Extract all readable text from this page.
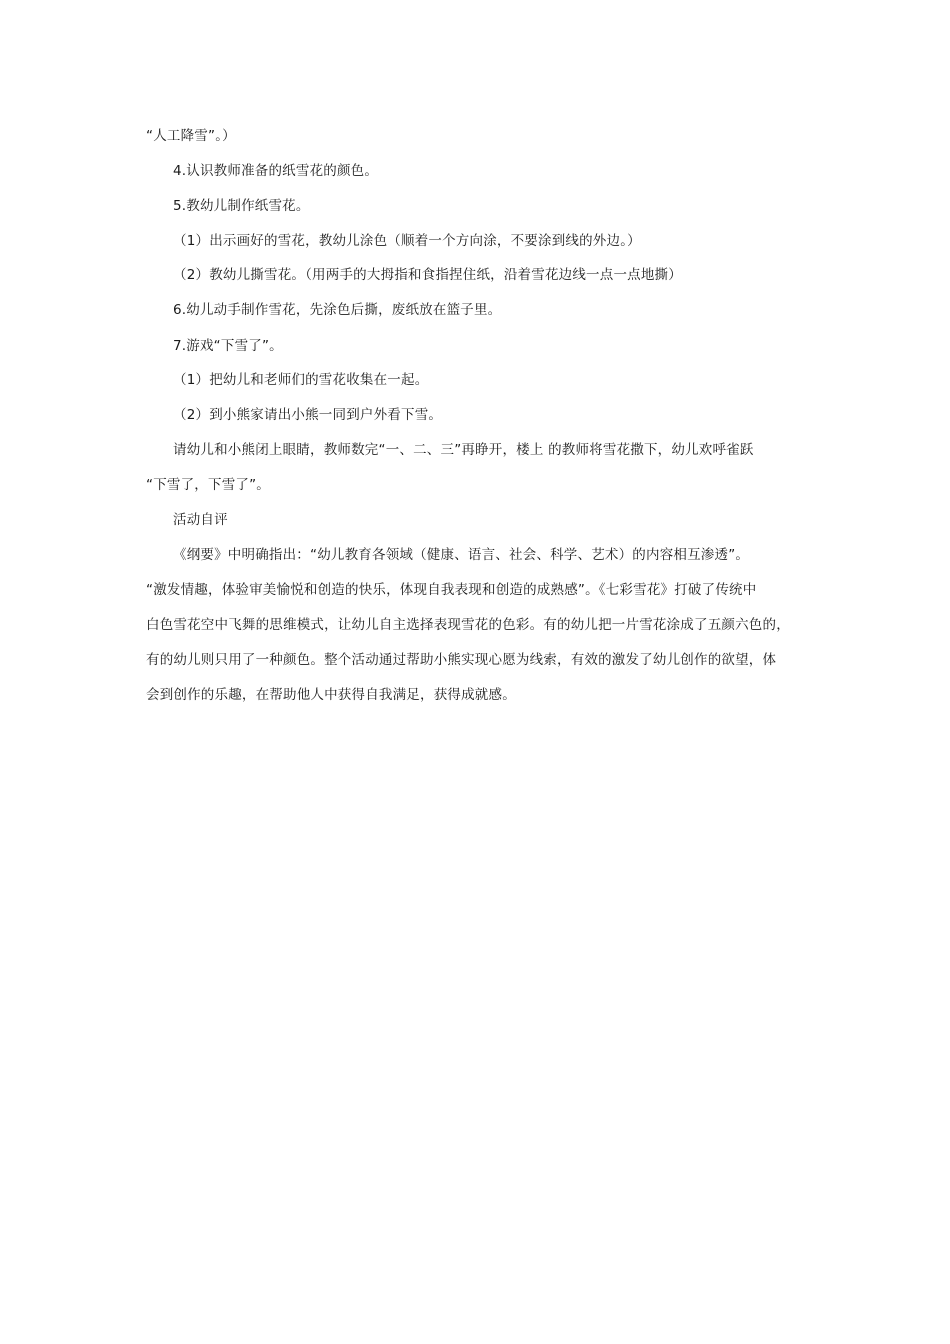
“人工降雪”。）
4.认识教师准备的纸雪花的颜色。
5.教幼儿制作纸雪花。
（1）出示画好的雪花，教幼儿涂色（顺着一个方向涂，不要涂到线的外边。）
（2）教幼儿撕雪花。（用两手的大拇指和食指捏住纸，沿着雪花边线一点一点地撕）
6.幼儿动手制作雪花，先涂色后撕，废纸放在篮子里。
7.游戏“下雪了”。
（1）把幼儿和老师们的雪花收集在一起。
（2）到小熊家请出小熊一同到户外看下雪。
请幼儿和小熊闭上眼睛，教师数完“一、二、三”再睁开，楼上 的教师将雪花撒下，幼儿欢呼雀跃
“下雪了，下雪了”。
活动自评
《纲要》中明确指出：“幼儿教育各领域（健康、语言、社会、科学、艺术）的内容相互渗透”。
“激发情趣，体验审美愉悦和创造的快乐，体现自我表现和创造的成熟感”。《七彩雪花》打破了传统中
白色雪花空中飞舞的思维模式，让幼儿自主选择表现雪花的色彩。有的幼儿把一片雪花涂成了五颜六色的，
有的幼儿则只用了一种颜色。整个活动通过帮助小熊实现心愿为线索，有效的激发了幼儿创作的欲望，体
会到创作的乐趣，在帮助他人中获得自我满足，获得成就感。
